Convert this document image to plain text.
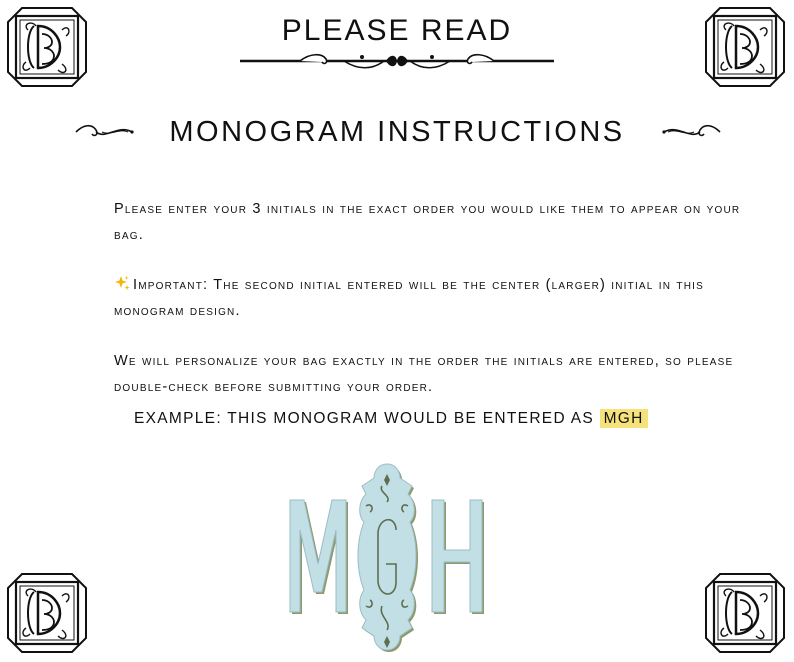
PLEASE READ
MONOGRAM INSTRUCTIONS

Please enter your 3 initials in the exact order you would like them to appear on your bag.

Important: The second initial entered will be the center (larger) initial in this monogram design.

We will personalize your bag exactly in the order the initials are entered, so please double-check before submitting your order.

EXAMPLE: THIS MONOGRAM WOULD BE ENTERED AS MGH
